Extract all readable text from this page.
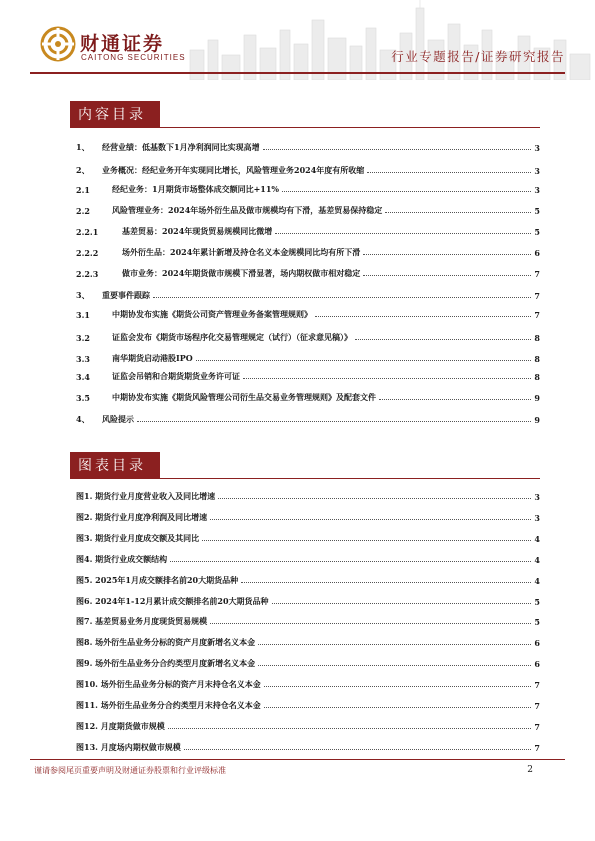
财通证券
CAITONG SECURITIES	行业专题报告/证券研究报告
内容目录
1、	经营业绩：低基数下1月净利润同比实现高增	3
2、	业务概况：经纪业务开年实现同比增长，风险管理业务2024年度有所收缩	3
2.1	经纪业务：1月期货市场整体成交额同比+11%	3
2.2	风险管理业务：2024年场外衍生品及做市规模均有下滑，基差贸易保持稳定	5
2.2.1	基差贸易：2024年现货贸易规模同比微增	5
2.2.2	场外衍生品：2024年累计新增及持仓名义本金规模同比均有所下滑	6
2.2.3	做市业务：2024年期货做市规模下滑显著，场内期权做市相对稳定	7
3、	重要事件跟踪	7
3.1	中期协发布实施《期货公司资产管理业务备案管理规则》	7
3.2	证监会发布《期货市场程序化交易管理规定（试行）（征求意见稿）》	8
3.3	南华期货启动港股IPO	8
3.4	证监会吊销和合期货期货业务许可证	8
3.5	中期协发布实施《期货风险管理公司衍生品交易业务管理规则》及配套文件	9
4、	风险提示	9
图表目录
图1. 期货行业月度营业收入及同比增速	3
图2. 期货行业月度净利润及同比增速	3
图3. 期货行业月度成交额及其同比	4
图4. 期货行业成交额结构	4
图5. 2025年1月成交额排名前20大期货品种	4
图6. 2024年1-12月累计成交额排名前20大期货品种	5
图7. 基差贸易业务月度现货贸易规模	5
图8. 场外衍生品业务分标的资产月度新增名义本金	6
图9. 场外衍生品业务分合约类型月度新增名义本金	6
图10. 场外衍生品业务分标的资产月末持仓名义本金	7
图11. 场外衍生品业务分合约类型月末持仓名义本金	7
图12. 月度期货做市规模	7
图13. 月度场内期权做市规模	7
谨请参阅尾页重要声明及财通证券股票和行业评级标准	2
